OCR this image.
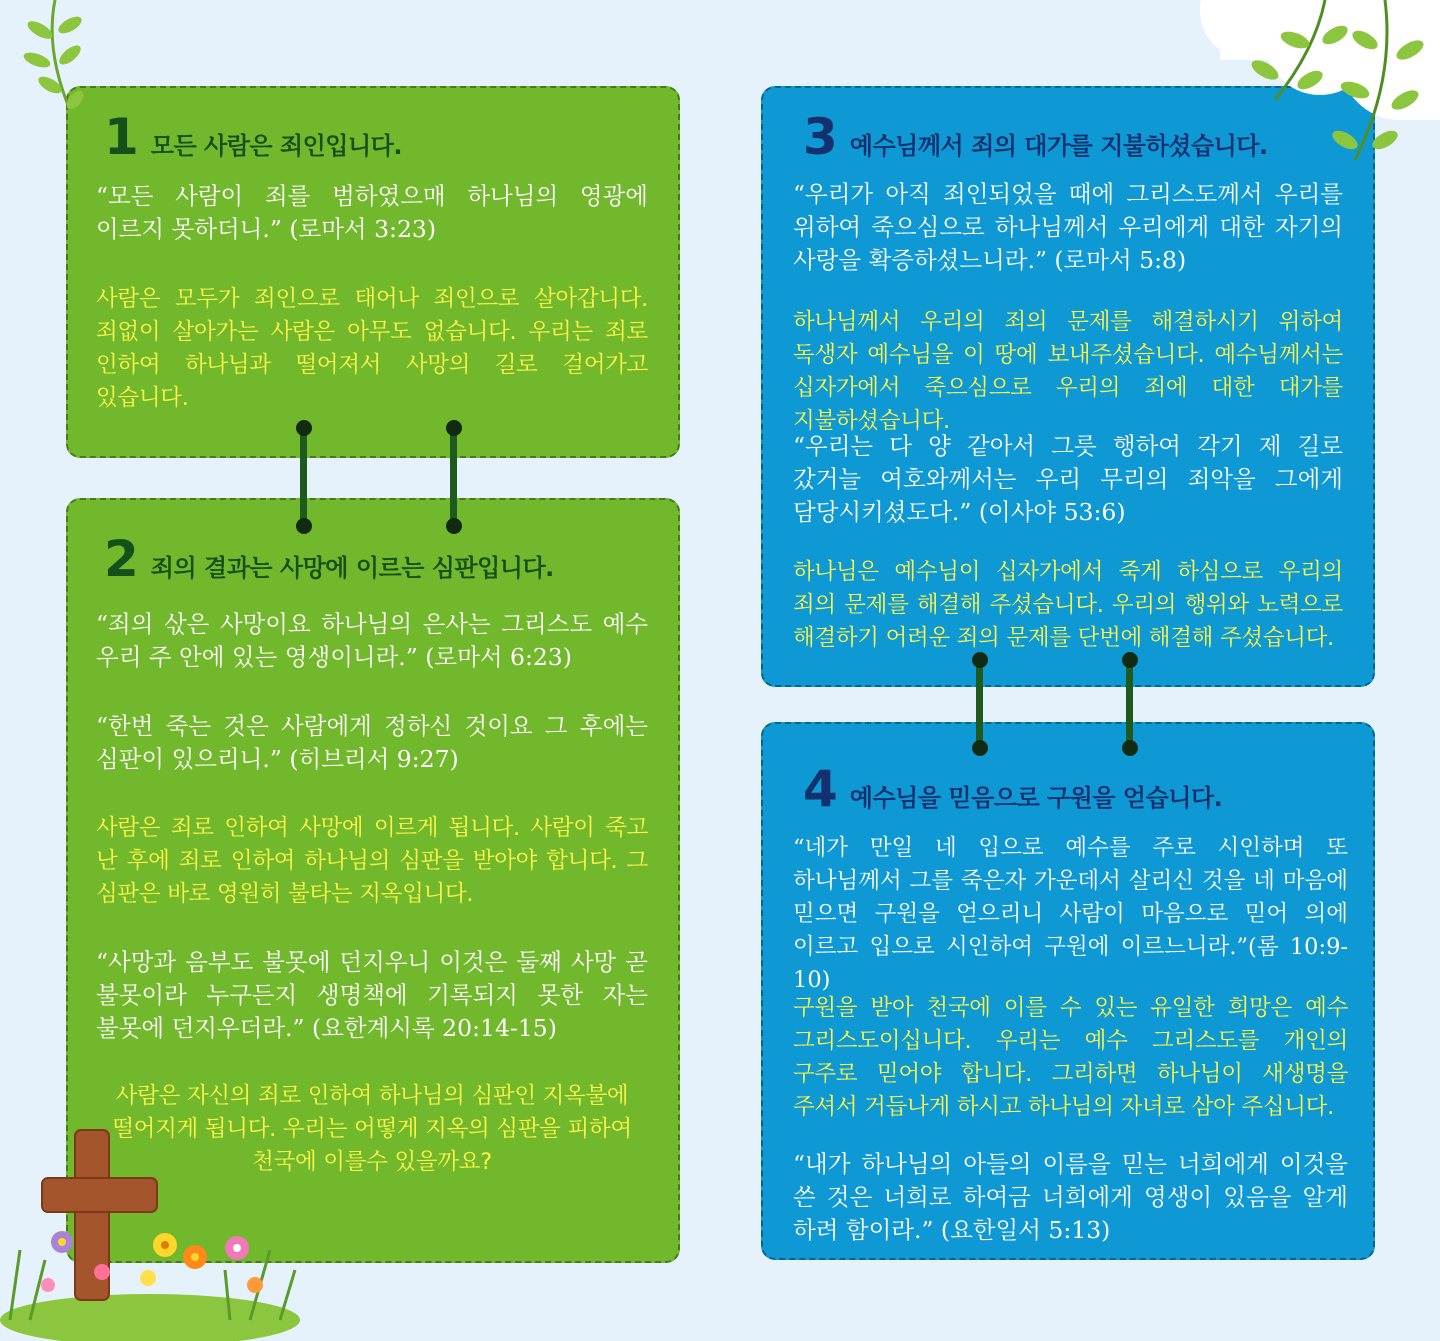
1 모든 사람은 죄인입니다.

“모든 사람이 죄를 범하였으매 하나님의 영광에 이르지 못하더니.” (로마서 3:23)

사람은 모두가 죄인으로 태어나 죄인으로 살아갑니다. 죄없이 살아가는 사람은 아무도 없습니다. 우리는 죄로 인하여 하나님과 떨어져서 사망의 길로 걸어가고 있습니다.

2 죄의 결과는 사망에 이르는 심판입니다.

“죄의 삯은 사망이요 하나님의 은사는 그리스도 예수 우리 주 안에 있는 영생이니라.” (로마서 6:23)

“한번 죽는 것은 사람에게 정하신 것이요 그 후에는 심판이 있으리니.” (히브리서 9:27)

사람은 죄로 인하여 사망에 이르게 됩니다. 사람이 죽고 난 후에 죄로 인하여 하나님의 심판을 받아야 합니다. 그 심판은 바로 영원히 불타는 지옥입니다.

“사망과 음부도 불못에 던지우니 이것은 둘째 사망 곧 불못이라 누구든지 생명책에 기록되지 못한 자는 불못에 던지우더라.” (요한계시록 20:14-15)

사람은 자신의 죄로 인하여 하나님의 심판인 지옥불에 떨어지게 됩니다. 우리는 어떻게 지옥의 심판을 피하여 천국에 이를수 있을까요?

3 예수님께서 죄의 대가를 지불하셨습니다.

“우리가 아직 죄인되었을 때에 그리스도께서 우리를 위하여 죽으심으로 하나님께서 우리에게 대한 자기의 사랑을 확증하셨느니라.” (로마서 5:8)

하나님께서 우리의 죄의 문제를 해결하시기 위하여 독생자 예수님을 이 땅에 보내주셨습니다. 예수님께서는 십자가에서 죽으심으로 우리의 죄에 대한 대가를 지불하셨습니다.

“우리는 다 양 같아서 그릇 행하여 각기 제 길로 갔거늘 여호와께서는 우리 무리의 죄악을 그에게 담당시키셨도다.” (이사야 53:6)

하나님은 예수님이 십자가에서 죽게 하심으로 우리의 죄의 문제를 해결해 주셨습니다. 우리의 행위와 노력으로 해결하기 어려운 죄의 문제를 단번에 해결해 주셨습니다.

4 예수님을 믿음으로 구원을 얻습니다.

“네가 만일 네 입으로 예수를 주로 시인하며 또 하나님께서 그를 죽은자 가운데서 살리신 것을 네 마음에 믿으면 구원을 얻으리니 사람이 마음으로 믿어 의에 이르고 입으로 시인하여 구원에 이르느니라.”(롬 10:9-10)

구원을 받아 천국에 이를 수 있는 유일한 희망은 예수 그리스도이십니다. 우리는 예수 그리스도를 개인의 구주로 믿어야 합니다. 그리하면 하나님이 새생명을 주셔서 거듭나게 하시고 하나님의 자녀로 삼아 주십니다.

“내가 하나님의 아들의 이름을 믿는 너희에게 이것을 쓴 것은 너희로 하여금 너희에게 영생이 있음을 알게 하려 함이라.” (요한일서 5:13)
